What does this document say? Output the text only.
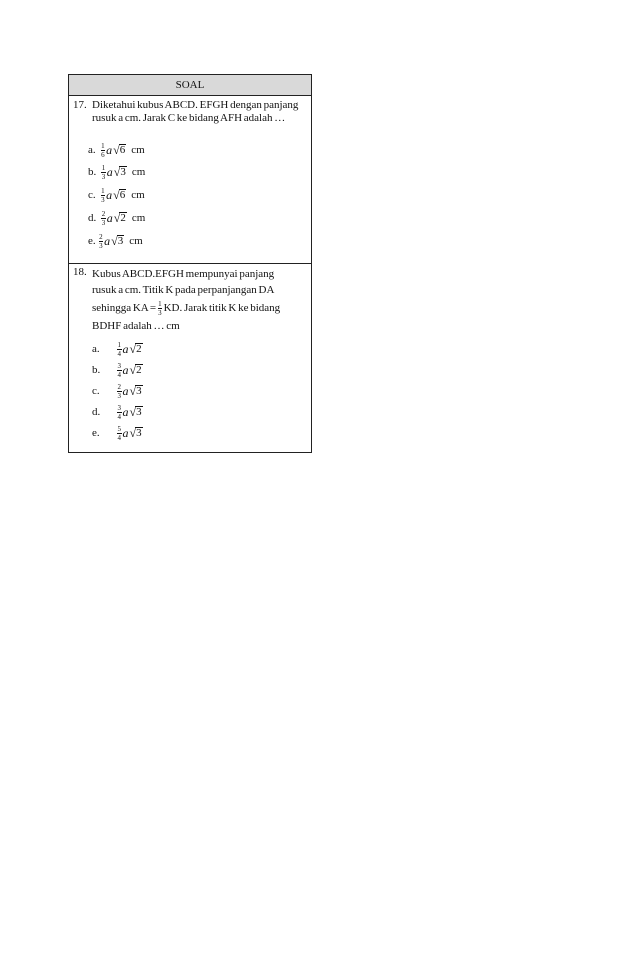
SOAL
17. Diketahui kubus ABCD. EFGH dengan panjang rusuk a cm. Jarak C ke bidang AFH adalah …
a. $\frac{1}{6}$ a √ 6 cm
b. $\frac{1}{3}$ a √ 3 cm
c. $\frac{1}{3}$ a √ 6 cm
d. $\frac{2}{3}$ a √ 2 cm
e. $\frac{2}{3}$ a √ 3 cm
18. Kubus ABCD.EFGH mempunyai panjang
rusuk a cm. Titik K pada perpanjangan DA
sehingga KA = $\frac{1}{3}$ KD. Jarak titik K ke bidang
BDHF adalah … cm
a.	$\frac{1}{4}$ a √ 2
b.	$\frac{3}{4}$ a √ 2
c.	$\frac{2}{3}$ a √ 3
d.	$\frac{3}{4}$ a √ 3
e.	$\frac{5}{4}$ a √ 3
